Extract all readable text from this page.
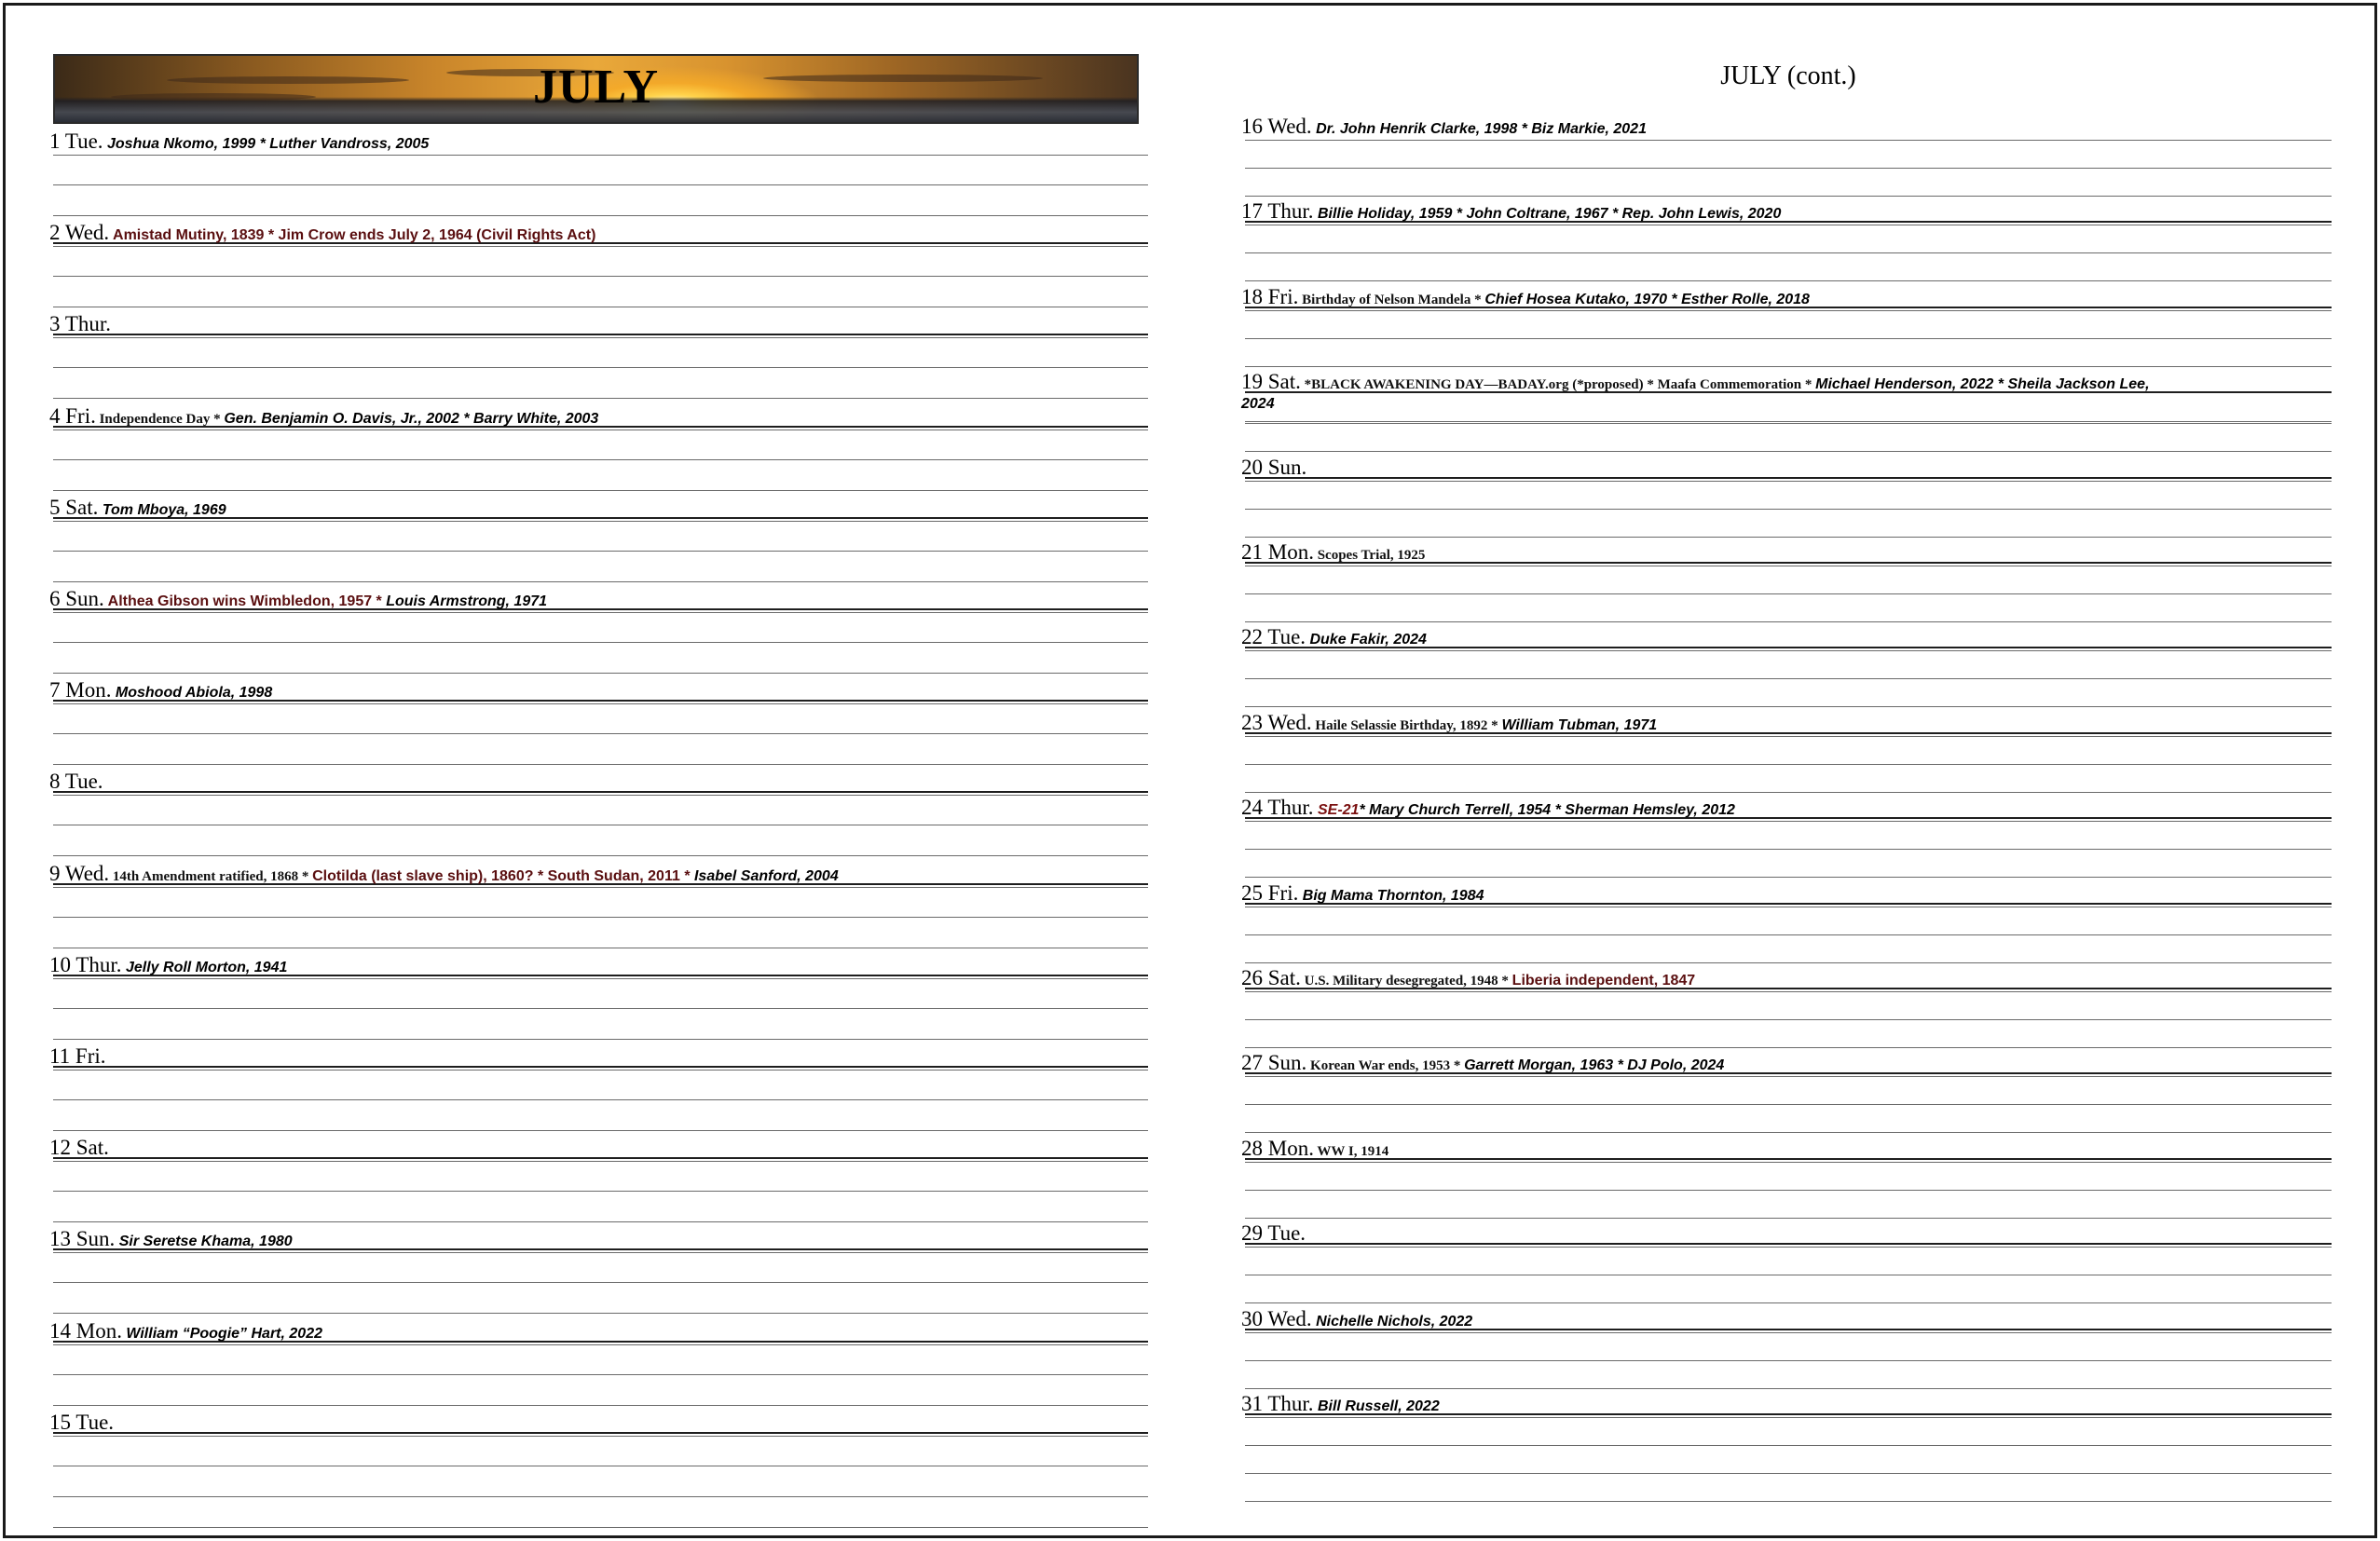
JULY
1 Tue. Joshua Nkomo, 1999 * Luther Vandross, 2005
2 Wed. Amistad Mutiny, 1839 * Jim Crow ends July 2, 1964 (Civil Rights Act)
3 Thur.
4 Fri. Independence Day * Gen. Benjamin O. Davis, Jr., 2002 * Barry White, 2003
5 Sat. Tom Mboya, 1969
6 Sun. Althea Gibson wins Wimbledon, 1957 * Louis Armstrong, 1971
7 Mon. Moshood Abiola, 1998
8 Tue.
9 Wed. 14th Amendment ratified, 1868 * Clotilda (last slave ship), 1860? * South Sudan, 2011 * Isabel Sanford, 2004
10 Thur. Jelly Roll Morton, 1941
11 Fri.
12 Sat.
13 Sun. Sir Seretse Khama, 1980
14 Mon. William “Poogie” Hart, 2022
15 Tue.
JULY (cont.)
16 Wed. Dr. John Henrik Clarke, 1998 * Biz Markie, 2021
17 Thur. Billie Holiday, 1959 * John Coltrane, 1967 * Rep. John Lewis, 2020
18 Fri. Birthday of Nelson Mandela * Chief Hosea Kutako, 1970 * Esther Rolle, 2018
19 Sat. *BLACK AWAKENING DAY—BADAY.org (*proposed) * Maafa Commemoration * Michael Henderson, 2022 * Sheila Jackson Lee,
2024
20 Sun.
21 Mon. Scopes Trial, 1925
22 Tue. Duke Fakir, 2024
23 Wed. Haile Selassie Birthday, 1892 * William Tubman, 1971
24 Thur. SE-21* Mary Church Terrell, 1954 * Sherman Hemsley, 2012
25 Fri. Big Mama Thornton, 1984
26 Sat. U.S. Military desegregated, 1948 * Liberia independent, 1847
27 Sun. Korean War ends, 1953 * Garrett Morgan, 1963 * DJ Polo, 2024
28 Mon. WW I, 1914
29 Tue.
30 Wed. Nichelle Nichols, 2022
31 Thur. Bill Russell, 2022
